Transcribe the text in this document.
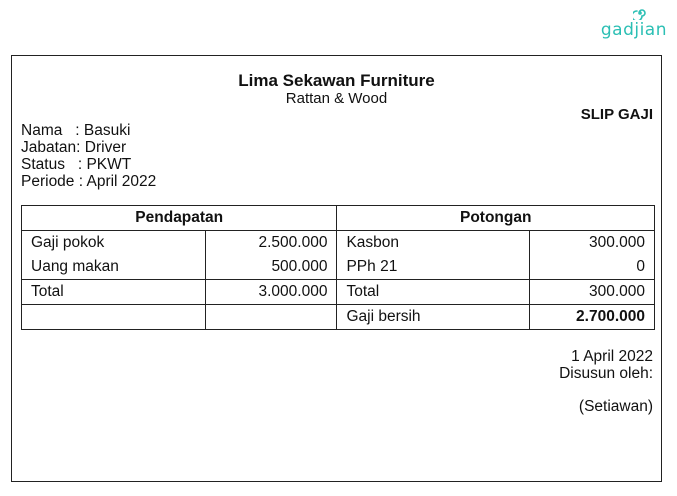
gadjian
Lima Sekawan Furniture
Rattan & Wood
SLIP GAJI
Nama   : Basuki
Jabatan: Driver
Status   : PKWT
Periode : April 2022
Pendapatan		Potongan	
Gaji pokok	2.500.000	Kasbon	300.000
Uang makan	500.000	PPh 21	0
Total	3.000.000	Total	300.000
		Gaji bersih	2.700.000
1 April 2022
Disusun oleh:
(Setiawan)
